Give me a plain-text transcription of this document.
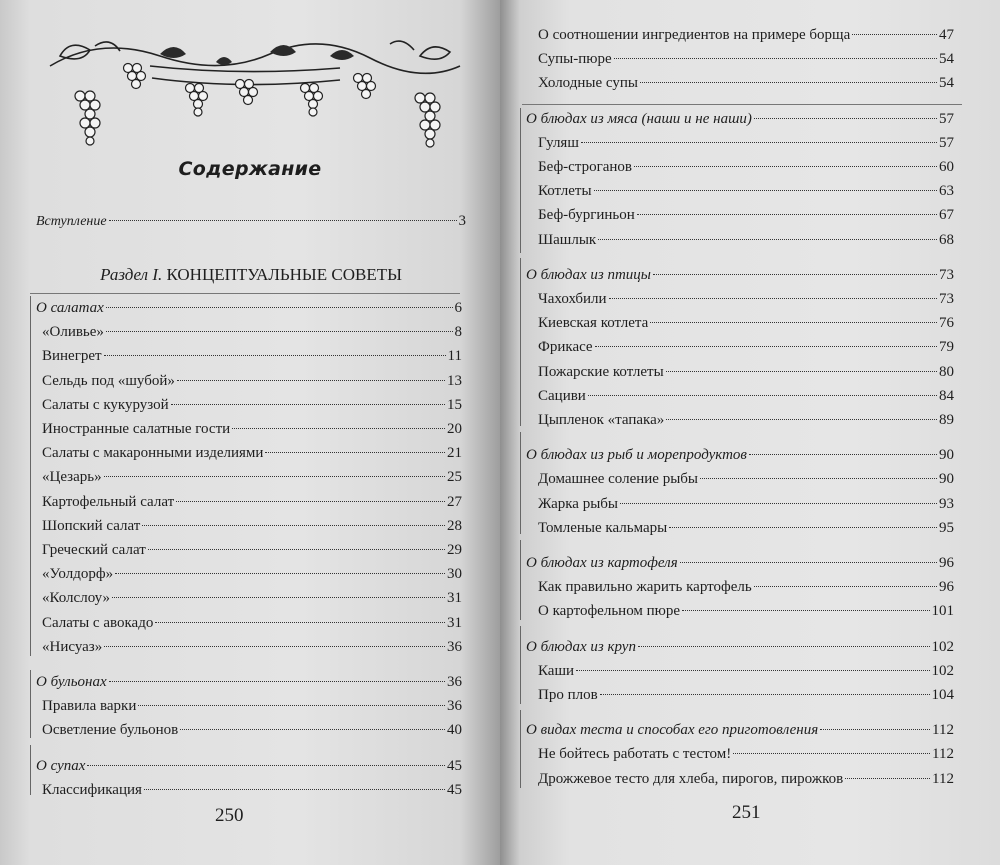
Содержание
Вступление	3
Раздел I. КОНЦЕПТУАЛЬНЫЕ СОВЕТЫ
О салатах	6
«Оливье»	8
Винегрет	11
Сельдь под «шубой»	13
Салаты с кукурузой	15
Иностранные салатные гости	20
Салаты с макаронными изделиями	21
«Цезарь»	25
Картофельный салат	27
Шопский салат	28
Греческий салат	29
«Уолдорф»	30
«Колслоу»	31
Салаты с авокадо	31
«Нисуаз»	36
О бульонах	36
Правила варки	36
Осветление бульонов	40
О супах	45
Классификация	45
250
О соотношении ингредиентов на примере борща	47
Супы-пюре	54
Холодные супы	54
О блюдах из мяса (наши и не наши)	57
Гуляш	57
Беф-строганов	60
Котлеты	63
Беф-бургиньон	67
Шашлык	68
О блюдах из птицы	73
Чахохбили	73
Киевская котлета	76
Фрикасе	79
Пожарские котлеты	80
Сациви	84
Цыпленок «тапака»	89
О блюдах из рыб и морепродуктов	90
Домашнее соление рыбы	90
Жарка рыбы	93
Томленые кальмары	95
О блюдах из картофеля	96
Как правильно жарить картофель	96
О картофельном пюре	101
О блюдах из круп	102
Каши	102
Про плов	104
О видах теста и способах его приготовления	112
Не бойтесь работать с тестом!	112
Дрожжевое тесто для хлеба, пирогов, пирожков	112
251
